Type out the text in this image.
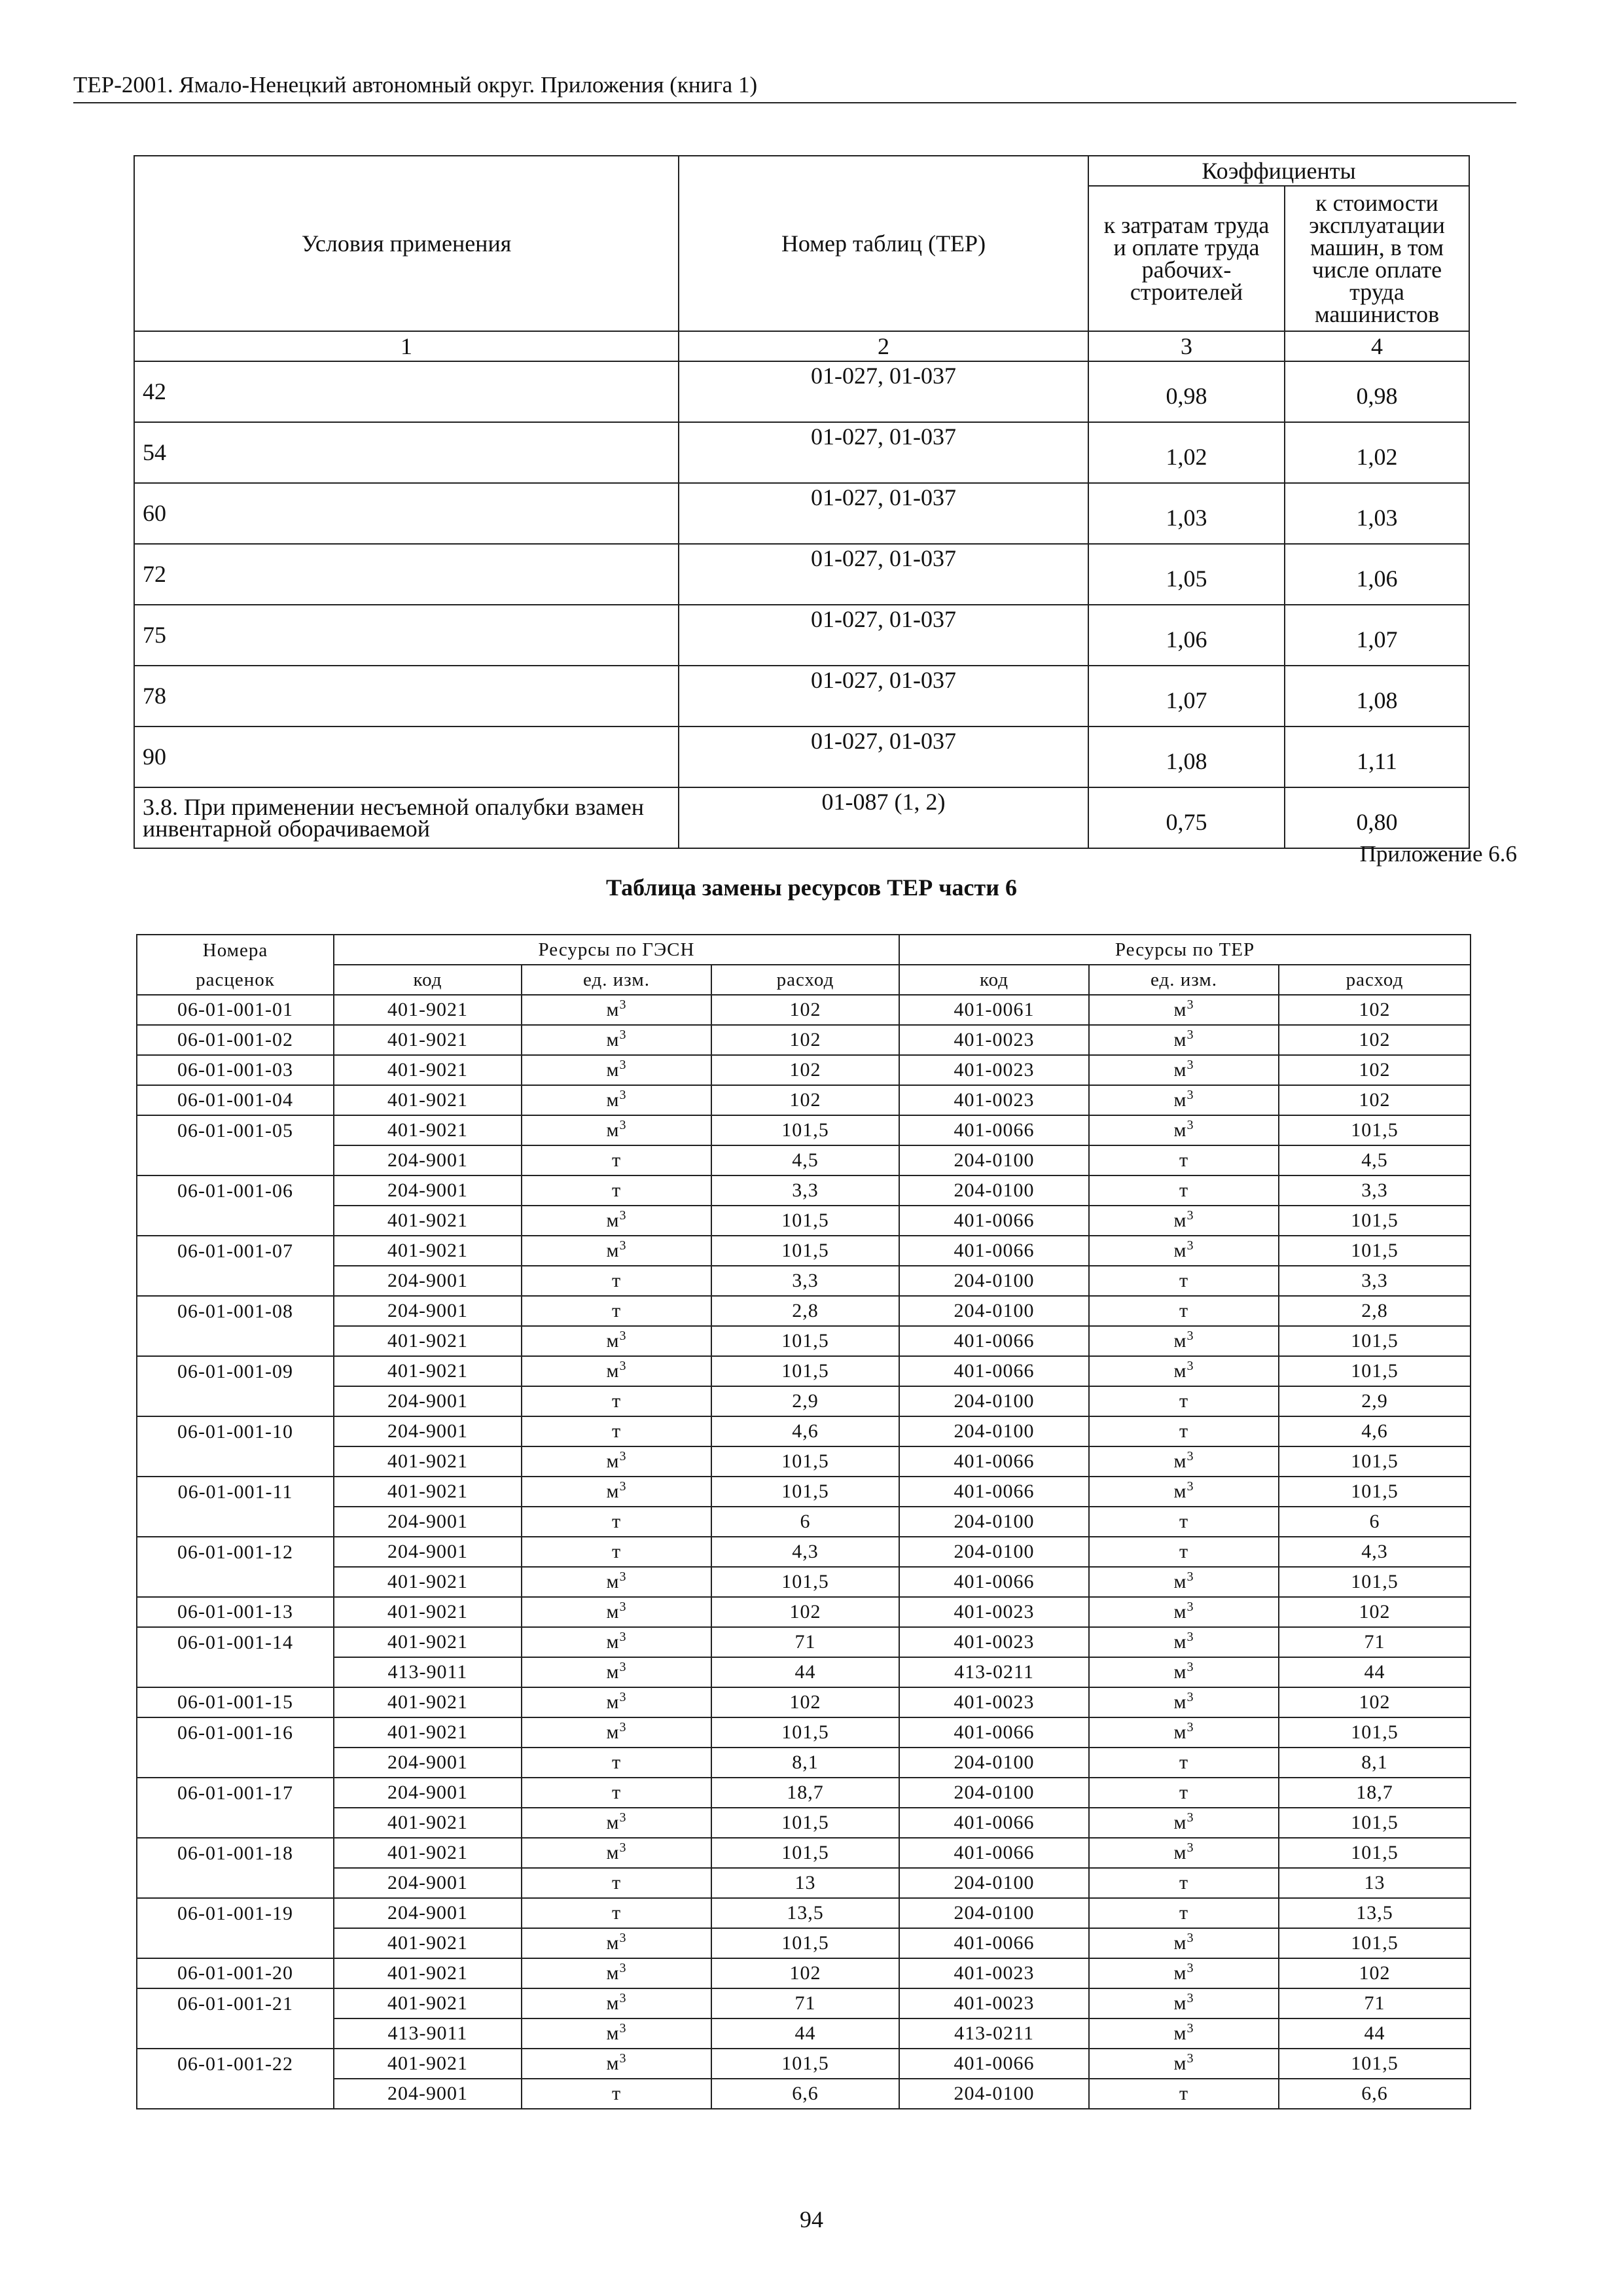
ТЕР-2001. Ямало-Ненецкий автономный округ. Приложения (книга 1)
Условия применения	Номер таблиц (ТЕР)	Коэффициенты	
		к затратам труда и оплате труда рабочих-строителей	к стоимости эксплуатации машин, в том числе оплате труда машинистов
1	2	3	4
42	01-027, 01-037	0,98	0,98
54	01-027, 01-037	1,02	1,02
60	01-027, 01-037	1,03	1,03
72	01-027, 01-037	1,05	1,06
75	01-027, 01-037	1,06	1,07
78	01-027, 01-037	1,07	1,08
90	01-027, 01-037	1,08	1,11
3.8. При применении несъемной опалубки взамен инвентарной оборачиваемой	01-087 (1, 2)	0,75	0,80
Приложение 6.6
Таблица замены ресурсов ТЕР части 6
Номера	Ресурсы по ГЭСН			Ресурсы по ТЕР		
расценок	код	ед. изм.	расход	код	ед. изм.	расход
06-01-001-01	401-9021	$м^3$	102	401-0061	$м^3$	102
06-01-001-02	401-9021	$м^3$	102	401-0023	$м^3$	102
06-01-001-03	401-9021	$м^3$	102	401-0023	$м^3$	102
06-01-001-04	401-9021	$м^3$	102	401-0023	$м^3$	102
06-01-001-05	401-9021	$м^3$	101,5	401-0066	$м^3$	101,5
	204-9001	т	4,5	204-0100	т	4,5
06-01-001-06	204-9001	т	3,3	204-0100	т	3,3
	401-9021	$м^3$	101,5	401-0066	$м^3$	101,5
06-01-001-07	401-9021	$м^3$	101,5	401-0066	$м^3$	101,5
	204-9001	т	3,3	204-0100	т	3,3
06-01-001-08	204-9001	т	2,8	204-0100	т	2,8
	401-9021	$м^3$	101,5	401-0066	$м^3$	101,5
06-01-001-09	401-9021	$м^3$	101,5	401-0066	$м^3$	101,5
	204-9001	т	2,9	204-0100	т	2,9
06-01-001-10	204-9001	т	4,6	204-0100	т	4,6
	401-9021	$м^3$	101,5	401-0066	$м^3$	101,5
06-01-001-11	401-9021	$м^3$	101,5	401-0066	$м^3$	101,5
	204-9001	т	6	204-0100	т	6
06-01-001-12	204-9001	т	4,3	204-0100	т	4,3
	401-9021	$м^3$	101,5	401-0066	$м^3$	101,5
06-01-001-13	401-9021	$м^3$	102	401-0023	$м^3$	102
06-01-001-14	401-9021	$м^3$	71	401-0023	$м^3$	71
	413-9011	$м^3$	44	413-0211	$м^3$	44
06-01-001-15	401-9021	$м^3$	102	401-0023	$м^3$	102
06-01-001-16	401-9021	$м^3$	101,5	401-0066	$м^3$	101,5
	204-9001	т	8,1	204-0100	т	8,1
06-01-001-17	204-9001	т	18,7	204-0100	т	18,7
	401-9021	$м^3$	101,5	401-0066	$м^3$	101,5
06-01-001-18	401-9021	$м^3$	101,5	401-0066	$м^3$	101,5
	204-9001	т	13	204-0100	т	13
06-01-001-19	204-9001	т	13,5	204-0100	т	13,5
	401-9021	$м^3$	101,5	401-0066	$м^3$	101,5
06-01-001-20	401-9021	$м^3$	102	401-0023	$м^3$	102
06-01-001-21	401-9021	$м^3$	71	401-0023	$м^3$	71
	413-9011	$м^3$	44	413-0211	$м^3$	44
06-01-001-22	401-9021	$м^3$	101,5	401-0066	$м^3$	101,5
	204-9001	т	6,6	204-0100	т	6,6
94
